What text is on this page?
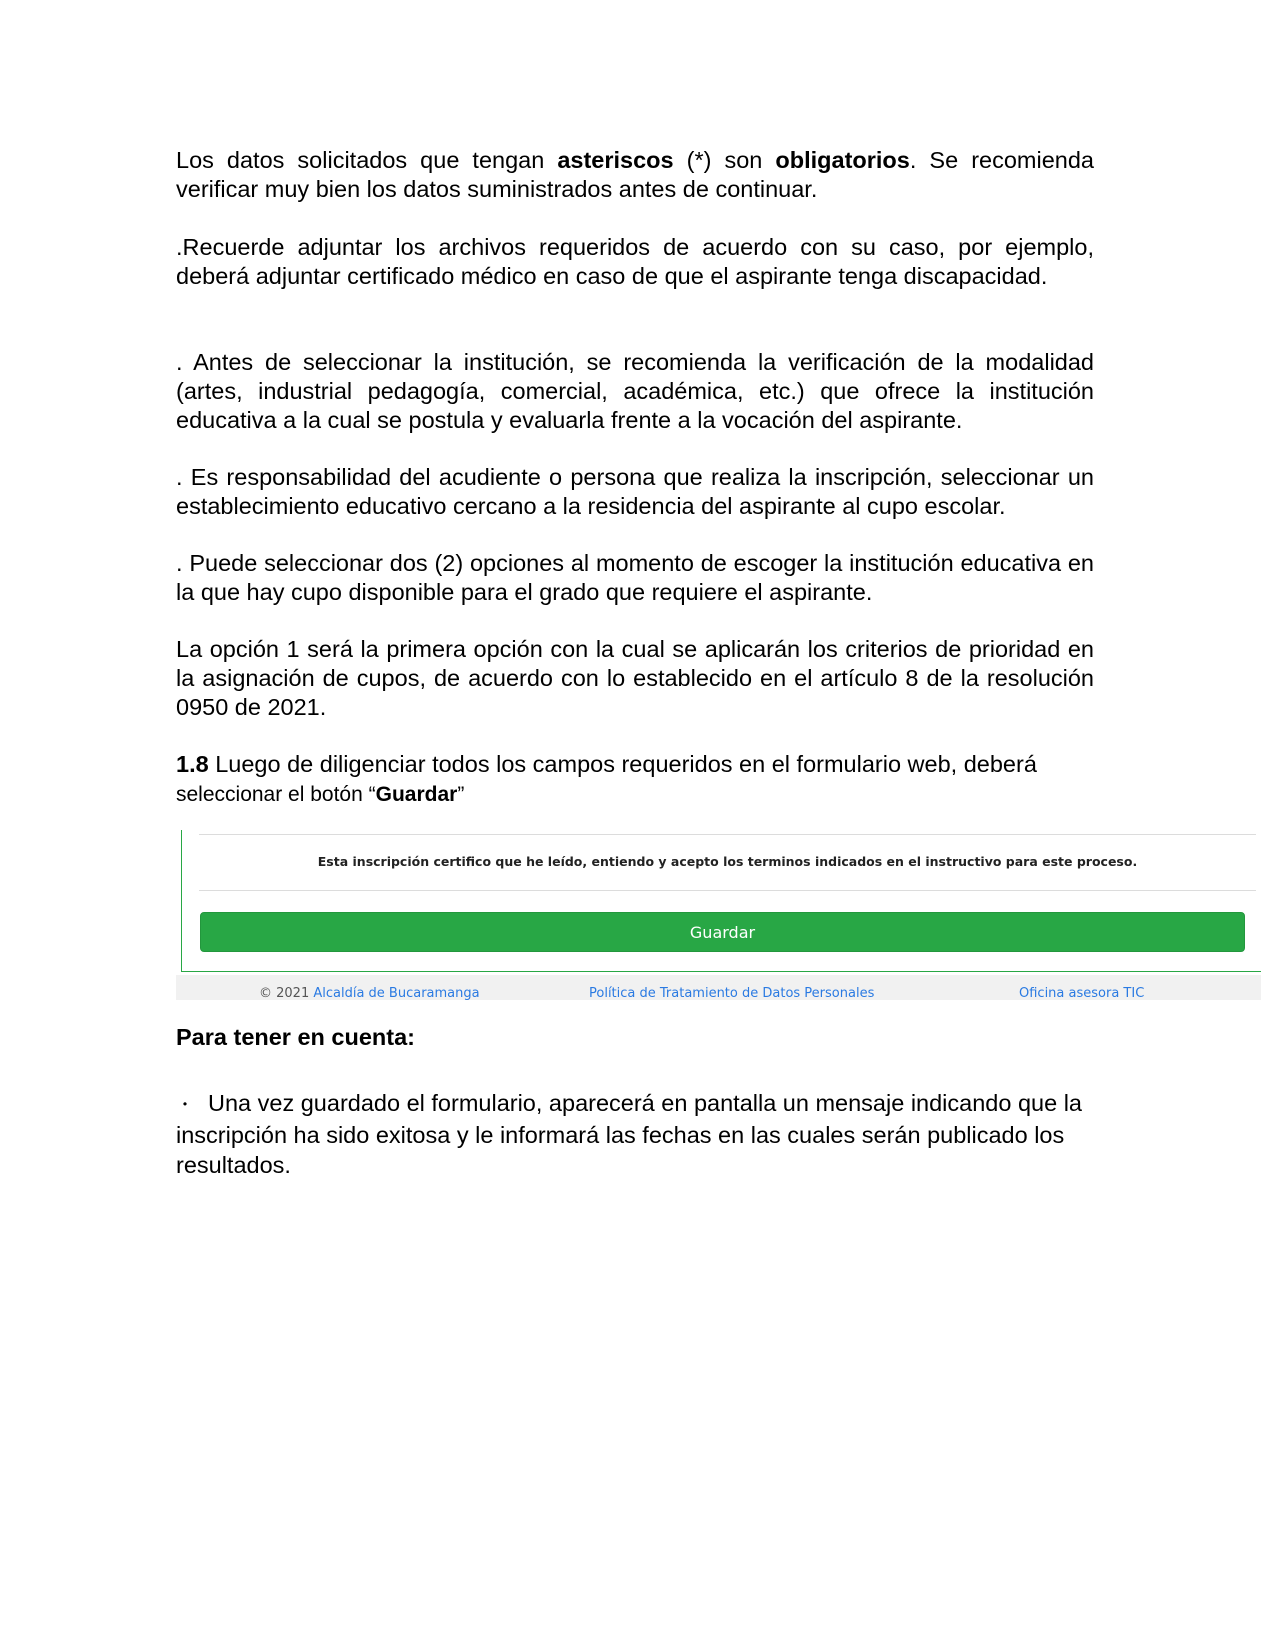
Los datos solicitados que tengan asteriscos (*) son obligatorios. Se recomienda verificar muy bien los datos suministrados antes de continuar.

.Recuerde adjuntar los archivos requeridos de acuerdo con su caso, por ejemplo, deberá adjuntar certificado médico en caso de que el aspirante tenga discapacidad.

. Antes de seleccionar la institución, se recomienda la verificación de la modalidad (artes, industrial pedagogía, comercial, académica, etc.) que ofrece la institución educativa a la cual se postula y evaluarla frente a la vocación del aspirante.

. Es responsabilidad del acudiente o persona que realiza la inscripción, seleccionar un establecimiento educativo cercano a la residencia del aspirante al cupo escolar.

. Puede seleccionar dos (2) opciones al momento de escoger la institución educativa en la que hay cupo disponible para el grado que requiere el aspirante.

La opción 1 será la primera opción con la cual se aplicarán los criterios de prioridad en la asignación de cupos, de acuerdo con lo establecido en el artículo 8 de la resolución 0950 de 2021.

1.8 Luego de diligenciar todos los campos requeridos en el formulario web, deberá
seleccionar el botón “Guardar”

Esta inscripción certifico que he leído, entiendo y acepto los terminos indicados en el instructivo para este proceso.
Guardar
© 2021 Alcaldía de Bucaramanga	Política de Tratamiento de Datos Personales	Oficina asesora TIC

Para tener en cuenta:

・ Una vez guardado el formulario, aparecerá en pantalla un mensaje indicando que la inscripción ha sido exitosa y le informará las fechas en las cuales serán publicado los resultados.
